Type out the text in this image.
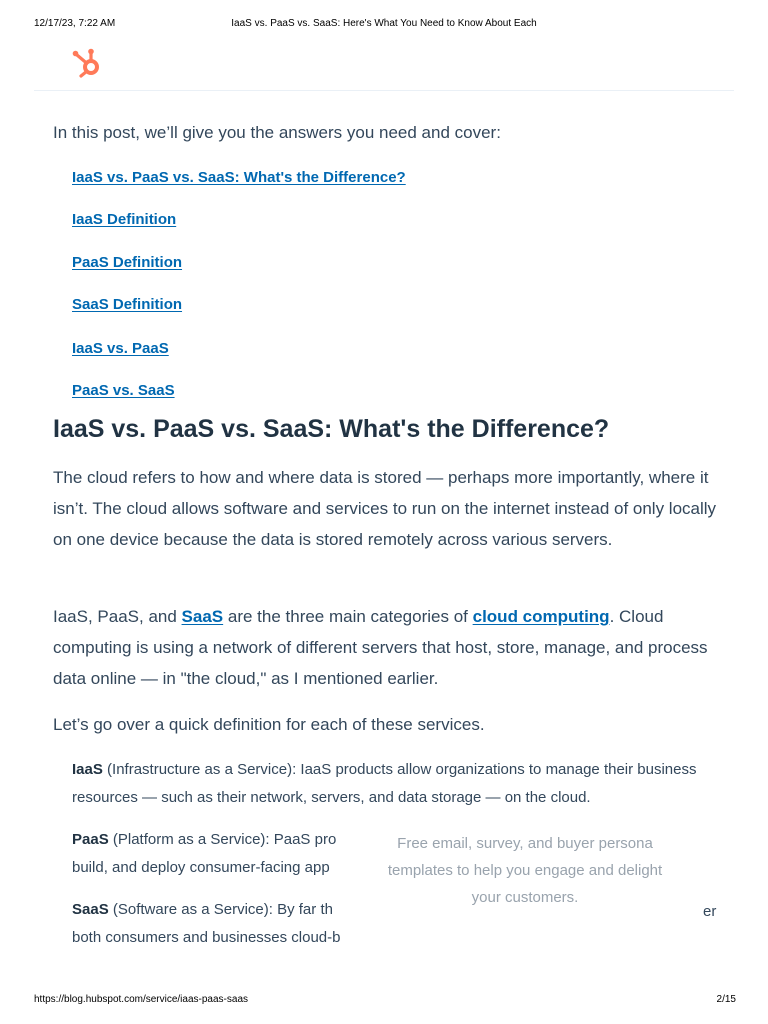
12/17/23, 7:22 AM	IaaS vs. PaaS vs. SaaS: Here's What You Need to Know About Each
In this post, we’ll give you the answers you need and cover:
IaaS vs. PaaS vs. SaaS: What's the Difference?
IaaS Definition
PaaS Definition
SaaS Definition
IaaS vs. PaaS
PaaS vs. SaaS
IaaS vs. PaaS vs. SaaS: What's the Difference?

The cloud refers to how and where data is stored — perhaps more importantly, where it isn’t. The cloud allows software and services to run on the internet instead of only locally on one device because the data is stored remotely across various servers.

IaaS, PaaS, and SaaS are the three main categories of cloud computing. Cloud computing is using a network of different servers that host, store, manage, and process data online — in "the cloud," as I mentioned earlier.

Let’s go over a quick definition for each of these services.

IaaS (Infrastructure as a Service): IaaS products allow organizations to manage their business resources — such as their network, servers, and data storage — on the cloud.

PaaS (Platform as a Service): PaaS pro
build, and deploy consumer-facing app

SaaS (Software as a Service): By far th
both consumers and businesses cloud-b

er
Free email, survey, and buyer persona templates to help you engage and delight your customers.
https://blog.hubspot.com/service/iaas-paas-saas	2/15
